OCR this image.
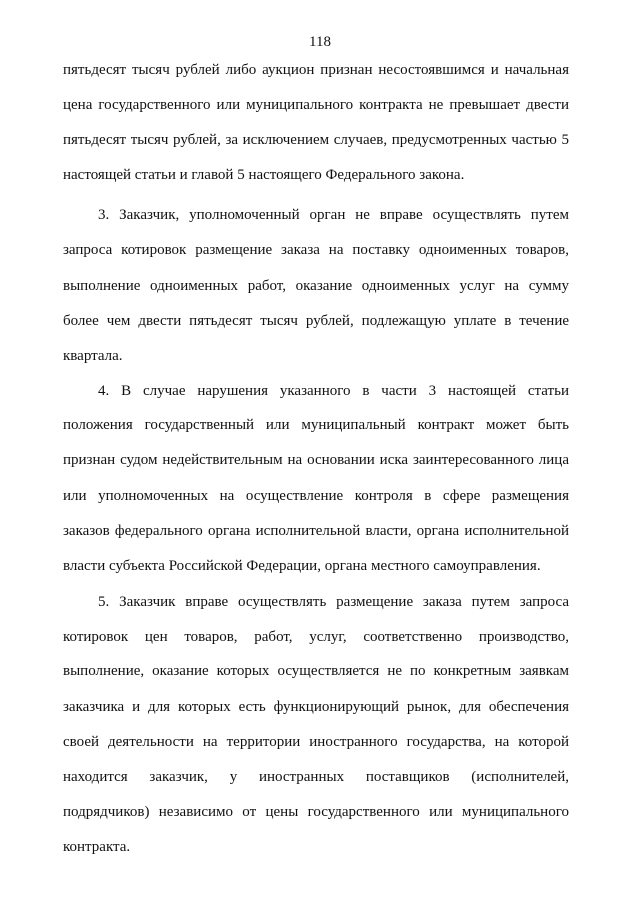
118
пятьдесят тысяч рублей либо аукцион признан несостоявшимся и начальная
цена государственного или муниципального контракта не превышает двести
пятьдесят тысяч рублей, за исключением случаев, предусмотренных частью 5
настоящей статьи и главой 5 настоящего Федерального закона.
3. Заказчик, уполномоченный орган не вправе осуществлять путем
запроса котировок размещение заказа на поставку одноименных товаров,
выполнение одноименных работ, оказание одноименных услуг на сумму
более чем двести пятьдесят тысяч рублей, подлежащую уплате в течение
квартала.
4. В случае нарушения указанного в части 3 настоящей статьи
положения государственный или муниципальный контракт может быть
признан судом недействительным на основании иска заинтересованного лица
или уполномоченных на осуществление контроля в сфере размещения
заказов федерального органа исполнительной власти, органа исполнительной
власти субъекта Российской Федерации, органа местного самоуправления.
5. Заказчик вправе осуществлять размещение заказа путем запроса
котировок цен товаров, работ, услуг, соответственно производство,
выполнение, оказание которых осуществляется не по конкретным заявкам
заказчика и для которых есть функционирующий рынок, для обеспечения
своей деятельности на территории иностранного государства, на которой
находится заказчик, у иностранных поставщиков (исполнителей,
подрядчиков) независимо от цены государственного или муниципального
контракта.
